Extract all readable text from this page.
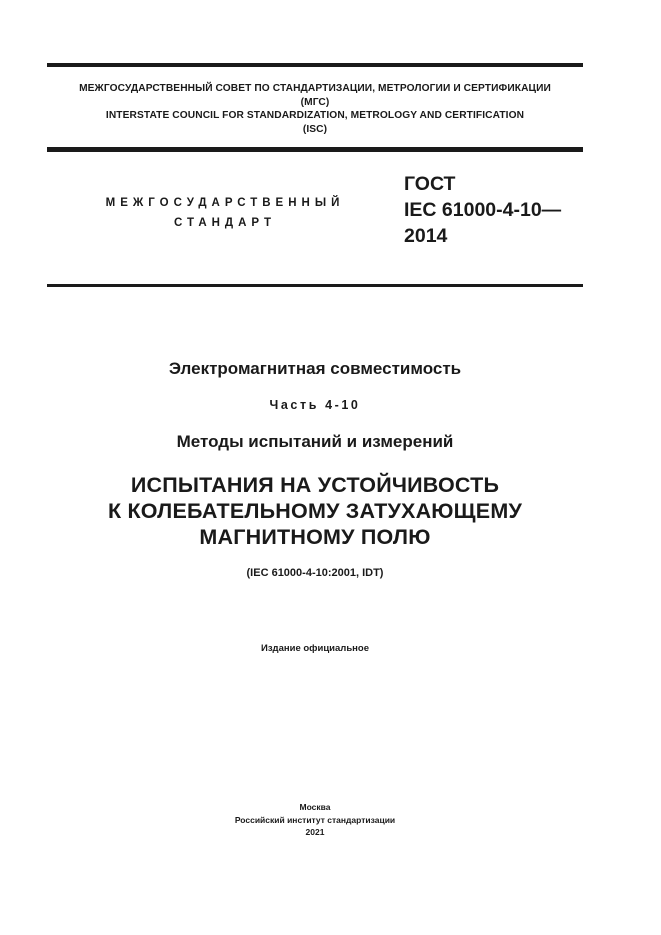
МЕЖГОСУДАРСТВЕННЫЙ СОВЕТ ПО СТАНДАРТИЗАЦИИ, МЕТРОЛОГИИ И СЕРТИФИКАЦИИ
(МГС)
INTERSTATE COUNCIL FOR STANDARDIZATION, METROLOGY AND CERTIFICATION
(ISC)
МЕЖГОСУДАРСТВЕННЫЙ
СТАНДАРТ
ГОСТ
IEC 61000-4-10—
2014
Электромагнитная совместимость
Часть 4-10
Методы испытаний и измерений
ИСПЫТАНИЯ НА УСТОЙЧИВОСТЬ
К КОЛЕБАТЕЛЬНОМУ ЗАТУХАЮЩЕМУ
МАГНИТНОМУ ПОЛЮ
(IEC 61000-4-10:2001, IDT)
Издание официальное
Москва
Российский институт стандартизации
2021
